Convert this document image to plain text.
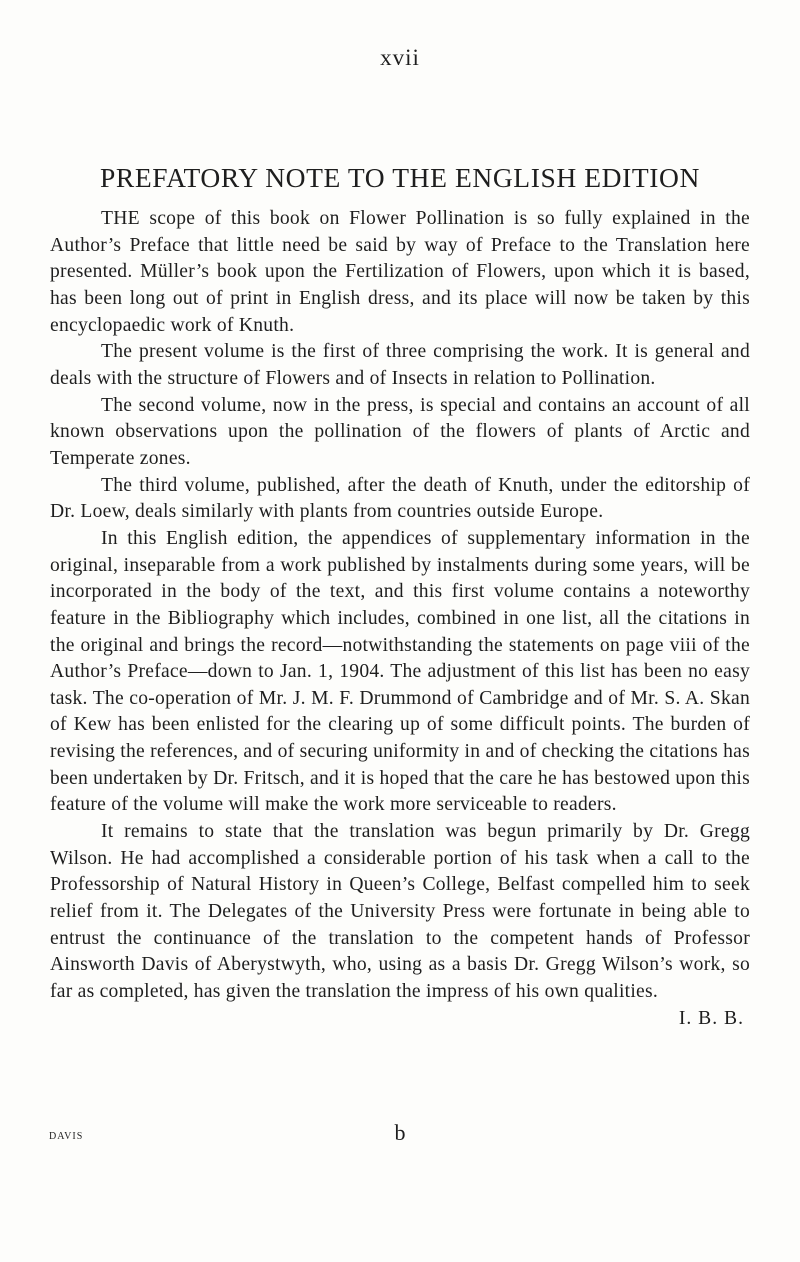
xvii
PREFATORY NOTE TO THE ENGLISH EDITION

THE scope of this book on Flower Pollination is so fully explained in the Author’s Preface that little need be said by way of Preface to the Translation here presented. Müller’s book upon the Fertilization of Flowers, upon which it is based, has been long out of print in English dress, and its place will now be taken by this encyclopaedic work of Knuth.

The present volume is the first of three comprising the work. It is general and deals with the structure of Flowers and of Insects in relation to Pollination.

The second volume, now in the press, is special and contains an account of all known observations upon the pollination of the flowers of plants of Arctic and Temperate zones.

The third volume, published, after the death of Knuth, under the editorship of Dr. Loew, deals similarly with plants from countries outside Europe.

In this English edition, the appendices of supplementary information in the original, inseparable from a work published by instalments during some years, will be incorporated in the body of the text, and this first volume contains a noteworthy feature in the Bibliography which includes, combined in one list, all the citations in the original and brings the record—notwithstanding the statements on page viii of the Author’s Preface—down to Jan. 1, 1904. The adjustment of this list has been no easy task. The co-operation of Mr. J. M. F. Drummond of Cambridge and of Mr. S. A. Skan of Kew has been enlisted for the clearing up of some difficult points. The burden of revising the references, and of securing uniformity in and of checking the citations has been undertaken by Dr. Fritsch, and it is hoped that the care he has bestowed upon this feature of the volume will make the work more serviceable to readers.

It remains to state that the translation was begun primarily by Dr. Gregg Wilson. He had accomplished a considerable portion of his task when a call to the Professorship of Natural History in Queen’s College, Belfast compelled him to seek relief from it. The Delegates of the University Press were fortunate in being able to entrust the continuance of the translation to the competent hands of Professor Ainsworth Davis of Aberystwyth, who, using as a basis Dr. Gregg Wilson’s work, so far as completed, has given the translation the impress of his own qualities.

I. B. B.

DAVIS	b
